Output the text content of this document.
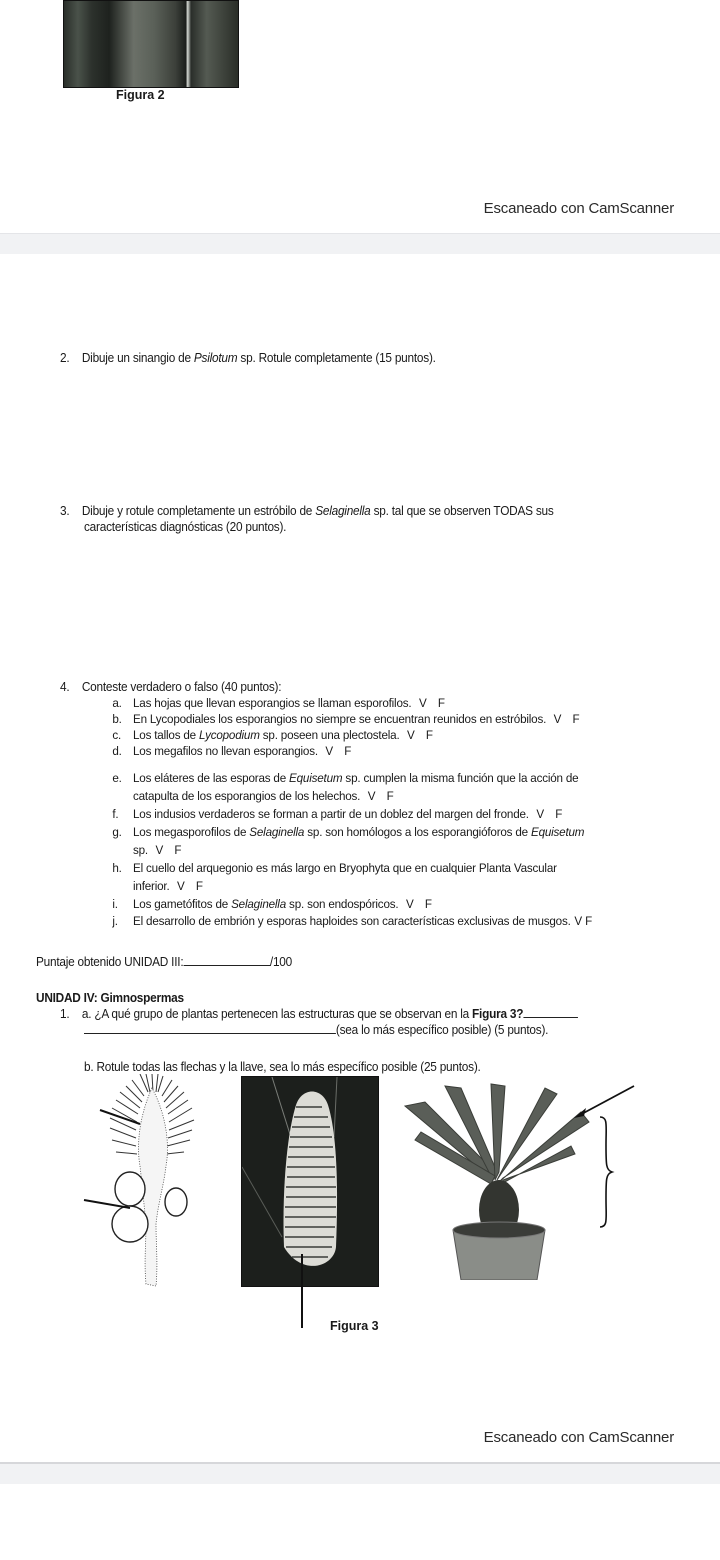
Figura 2
Escaneado con CamScanner
2. Dibuje un sinangio de Psilotum sp. Rotule completamente (15 puntos).
3. Dibuje y rotule completamente un estróbilo de Selaginella sp. tal que se observen TODAS sus
características diagnósticas (20 puntos).
4. Conteste verdadero o falso (40 puntos):
a. Las hojas que llevan esporangios se llaman esporofilos. V F
b. En Lycopodiales los esporangios no siempre se encuentran reunidos en estróbilos. V F
c. Los tallos de Lycopodium sp. poseen una plectostela. V F
d. Los megafilos no llevan esporangios. V F
e. Los eláteres de las esporas de Equisetum sp. cumplen la misma función que la acción de
catapulta de los esporangios de los helechos. V F
f. Los indusios verdaderos se forman a partir de un doblez del margen del fronde. V F
g. Los megasporofilos de Selaginella sp. son homólogos a los esporangióforos de Equisetum
sp. V F
h. El cuello del arquegonio es más largo en Bryophyta que en cualquier Planta Vascular
inferior. V F
i. Los gametófitos de Selaginella sp. son endospóricos. V F
j. El desarrollo de embrión y esporas haploides son características exclusivas de musgos. V F
Puntaje obtenido UNIDAD III:	/100
UNIDAD IV: Gimnospermas
1. a. ¿A qué grupo de plantas pertenecen las estructuras que se observan en la Figura 3?
(sea lo más específico posible) (5 puntos).
b. Rotule todas las flechas y la llave, sea lo más específico posible (25 puntos).
Figura 3
Escaneado con CamScanner
